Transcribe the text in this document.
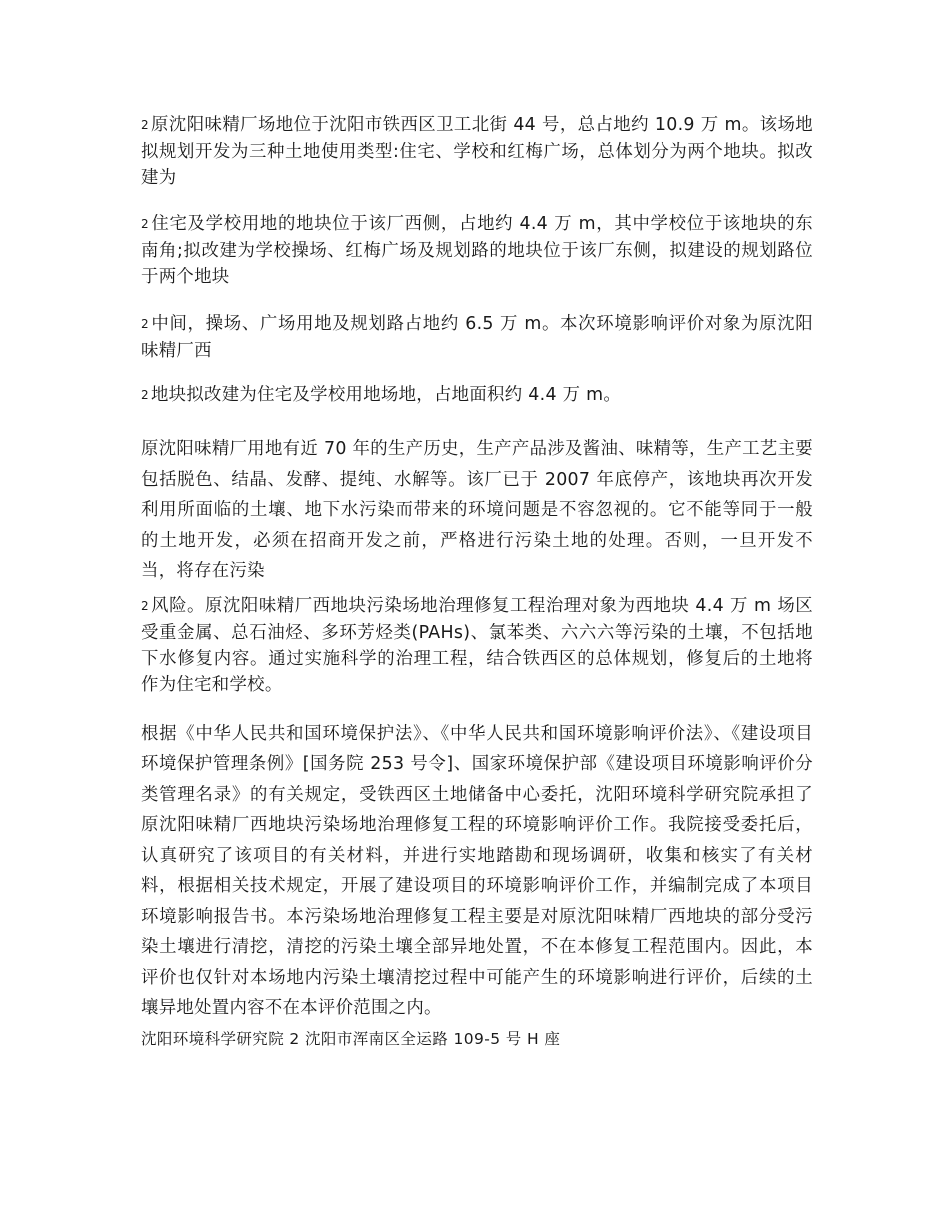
2 原沈阳味精厂场地位于沈阳市铁西区卫工北街 44 号，总占地约 10.9 万 m。该场地拟规划开发为三种土地使用类型:住宅、学校和红梅广场，总体划分为两个地块。拟改建为

2 住宅及学校用地的地块位于该厂西侧，占地约 4.4 万 m，其中学校位于该地块的东南角;拟改建为学校操场、红梅广场及规划路的地块位于该厂东侧，拟建设的规划路位于两个地块

2 中间，操场、广场用地及规划路占地约 6.5 万 m。本次环境影响评价对象为原沈阳味精厂西

2 地块拟改建为住宅及学校用地场地，占地面积约 4.4 万 m。

原沈阳味精厂用地有近 70 年的生产历史，生产产品涉及酱油、味精等，生产工艺主要包括脱色、结晶、发酵、提纯、水解等。该厂已于 2007 年底停产，该地块再次开发利用所面临的土壤、地下水污染而带来的环境问题是不容忽视的。它不能等同于一般的土地开发，必须在招商开发之前，严格进行污染土地的处理。否则，一旦开发不当，将存在污染

2 风险。原沈阳味精厂西地块污染场地治理修复工程治理对象为西地块 4.4 万 m 场区受重金属、总石油烃、多环芳烃类(PAHs)、氯苯类、六六六等污染的土壤，不包括地下水修复内容。通过实施科学的治理工程，结合铁西区的总体规划，修复后的土地将作为住宅和学校。

根据《中华人民共和国环境保护法》、《中华人民共和国环境影响评价法》、《建设项目环境保护管理条例》[国务院 253 号令]、国家环境保护部《建设项目环境影响评价分类管理名录》的有关规定，受铁西区土地储备中心委托，沈阳环境科学研究院承担了原沈阳味精厂西地块污染场地治理修复工程的环境影响评价工作。我院接受委托后，认真研究了该项目的有关材料，并进行实地踏勘和现场调研，收集和核实了有关材料，根据相关技术规定，开展了建设项目的环境影响评价工作，并编制完成了本项目环境影响报告书。本污染场地治理修复工程主要是对原沈阳味精厂西地块的部分受污染土壤进行清挖，清挖的污染土壤全部异地处置，不在本修复工程范围内。因此，本评价也仅针对本场地内污染土壤清挖过程中可能产生的环境影响进行评价，后续的土壤异地处置内容不在本评价范围之内。

沈阳环境科学研究院 2 沈阳市浑南区全运路 109-5 号 H 座
